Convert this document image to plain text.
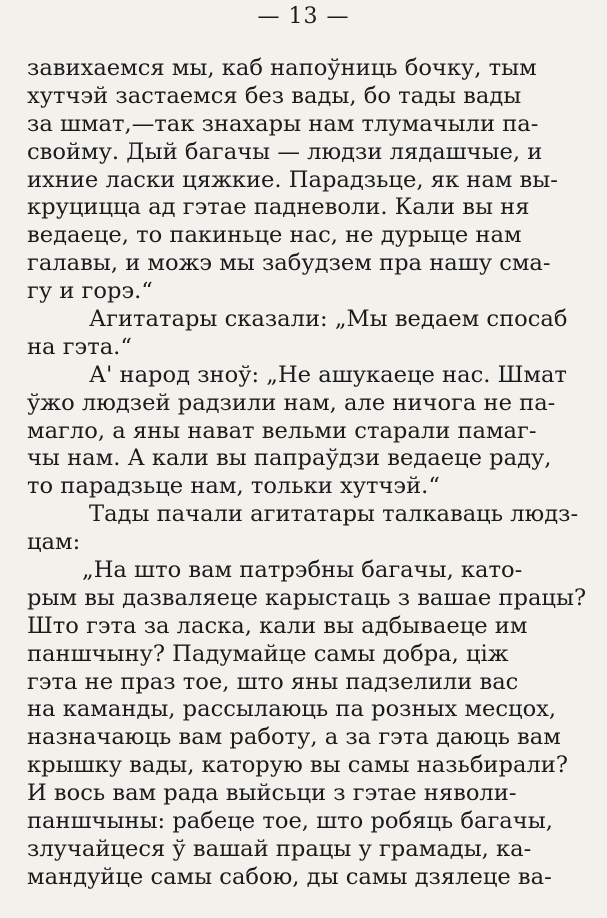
— 13 —
завихаемся мы, каб напоўниць бочку, тым
хутчэй застаемся без вады, бо тады вады
за шмат,—так знахары нам тлумачыли па-
свойму. Дый багачы — людзи лядашчые, и
ихние ласки цяжкие. Парадзьце, як нам вы-
круцицца ад гэтае падневоли. Кали вы ня
ведаеце, то пакиньце нас, не дурыце нам
галавы, и можэ мы забудзем пра нашу смa-
гу и горэ.“
Агитатары сказали: „Мы ведаем спосаб
на гэта.“
А' народ зноў: „Не ашукаеце нас. Шмат
ўжо людзей радзили нам, але ничога не па-
магло, а яны нават вельми старали памаг-
чы нам. А кали вы папраўдзи ведаеце раду,
то парадзьце нам, тольки хутчэй.“
Тады пачали агитатары талкаваць людз-
цам:
„На што вам патрэбны багачы, като-
рым вы дазваляеце карыстаць з вашае працы?
Што гэта за ласка, кали вы адбываеце им
паншчыну? Падумайце самы добра, цiж
гэта не праз тое, што яны падзелили вас
на каманды, рассылаюць па розных месцох,
назначаюць вам работу, а за гэта даюць вам
крышку вады, каторую вы самы назьбирали?
И вось вам рада выйсьци з гэтае нявoли-
паншчыны: рабеце тое, што робяць багачы,
злучайцеся ў вашай працы у грамады, ка-
мандуйце самы сабою, ды самы дзялеце ва-
